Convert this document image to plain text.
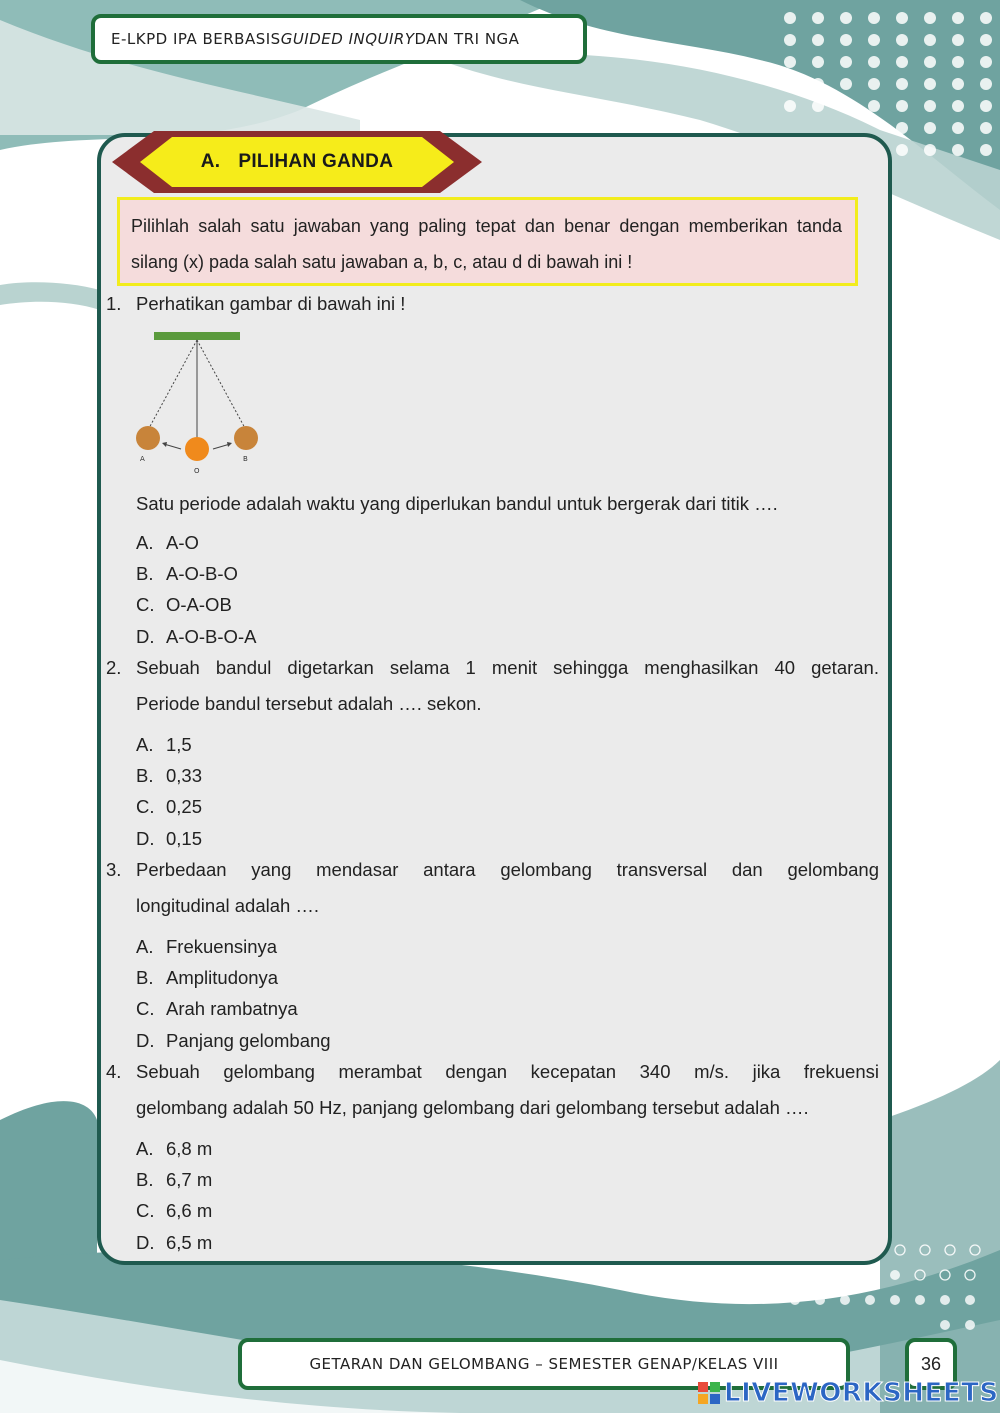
E-LKPD IPA BERBASIS GUIDED INQUIRY DAN TRI NGA
A. PILIHAN GANDA
Pilihlah salah satu jawaban yang paling tepat dan benar dengan memberikan tanda silang (x) pada salah satu jawaban a, b, c, atau d di bawah ini !
1. Perhatikan gambar di bawah ini !
A
O
B
Satu periode adalah waktu yang diperlukan bandul untuk bergerak dari titik ….
A. A-O
B. A-O-B-O
C. O-A-OB
D. A-O-B-O-A
2. Sebuah bandul digetarkan selama 1 menit sehingga menghasilkan 40 getaran.
Periode bandul tersebut adalah …. sekon.
A. 1,5
B. 0,33
C. 0,25
D. 0,15
3. Perbedaan yang mendasar antara gelombang transversal dan gelombang
longitudinal adalah ….
A. Frekuensinya
B. Amplitudonya
C. Arah rambatnya
D. Panjang gelombang
4. Sebuah gelombang merambat dengan kecepatan 340 m/s. jika frekuensi
gelombang adalah 50 Hz, panjang gelombang dari gelombang tersebut adalah ….
A. 6,8 m
B. 6,7 m
C. 6,6 m
D. 6,5 m
GETARAN DAN GELOMBANG – SEMESTER GENAP/KELAS VIII	36
LIVEWORKSHEETS
